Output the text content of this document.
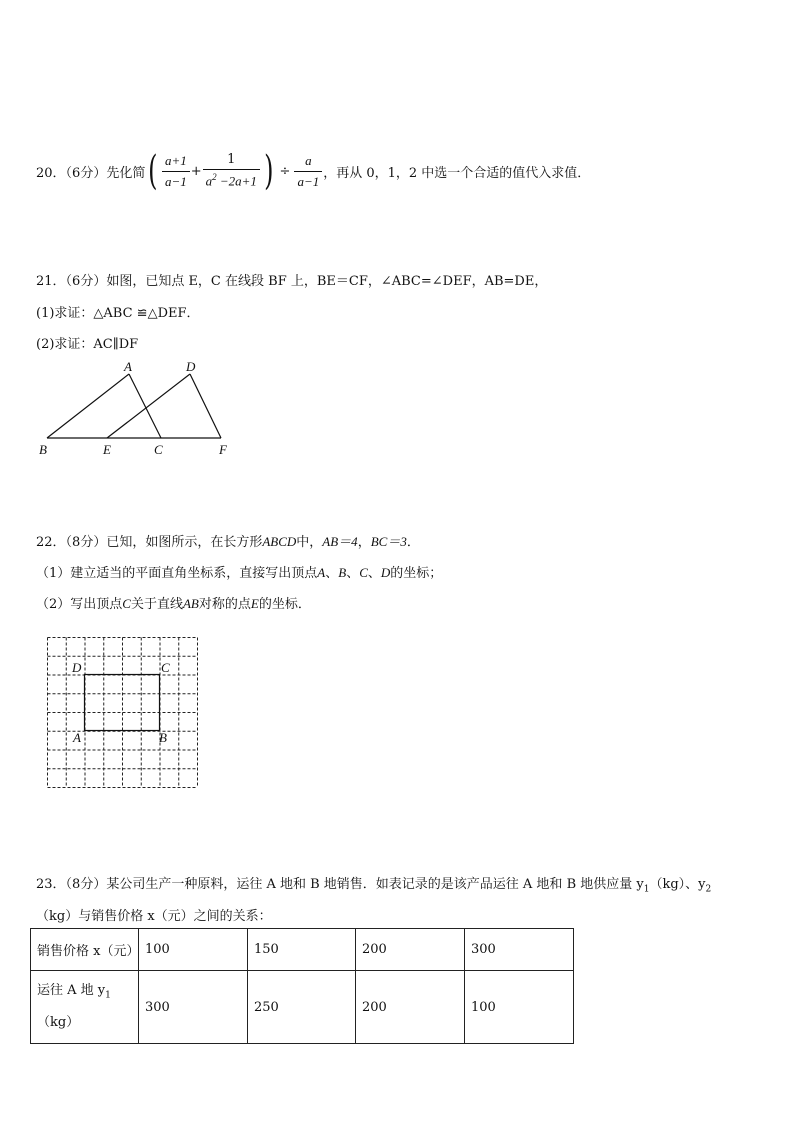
20．（6分）先化简 ( $\frac{a+1}{a-1} + \frac{1}{a^2 -2a+1}$ ) ÷ $\frac{a}{a-1}$ ，再从 0，1，2 中选一个合适的值代入求值．
21．（6分）如图，已知点 E，C 在线段 BF 上，BE＝CF，∠ABC=∠DEF，AB=DE，
(1)求证：△ABC ≌△DEF．
(2)求证：AC∥DF
A	D
B	E	C	F
22．（8分）已知，如图所示，在长方形ABCD中，AB＝4，BC＝3．
（1）建立适当的平面直角坐标系，直接写出顶点A、B、C、D的坐标；
（2）写出顶点C关于直线AB对称的点E的坐标．
D	C
A	B
23．（8分）某公司生产一种原料，运往 A 地和 B 地销售．如表记录的是该产品运往 A 地和 B 地供应量 $y_1(kg)$、$y_2$
（kg）与销售价格 x（元）之间的关系：
销售价格 x（元）	100	150	200	300
运往 A 地 $y_1$
（kg）	300	250	200	100
